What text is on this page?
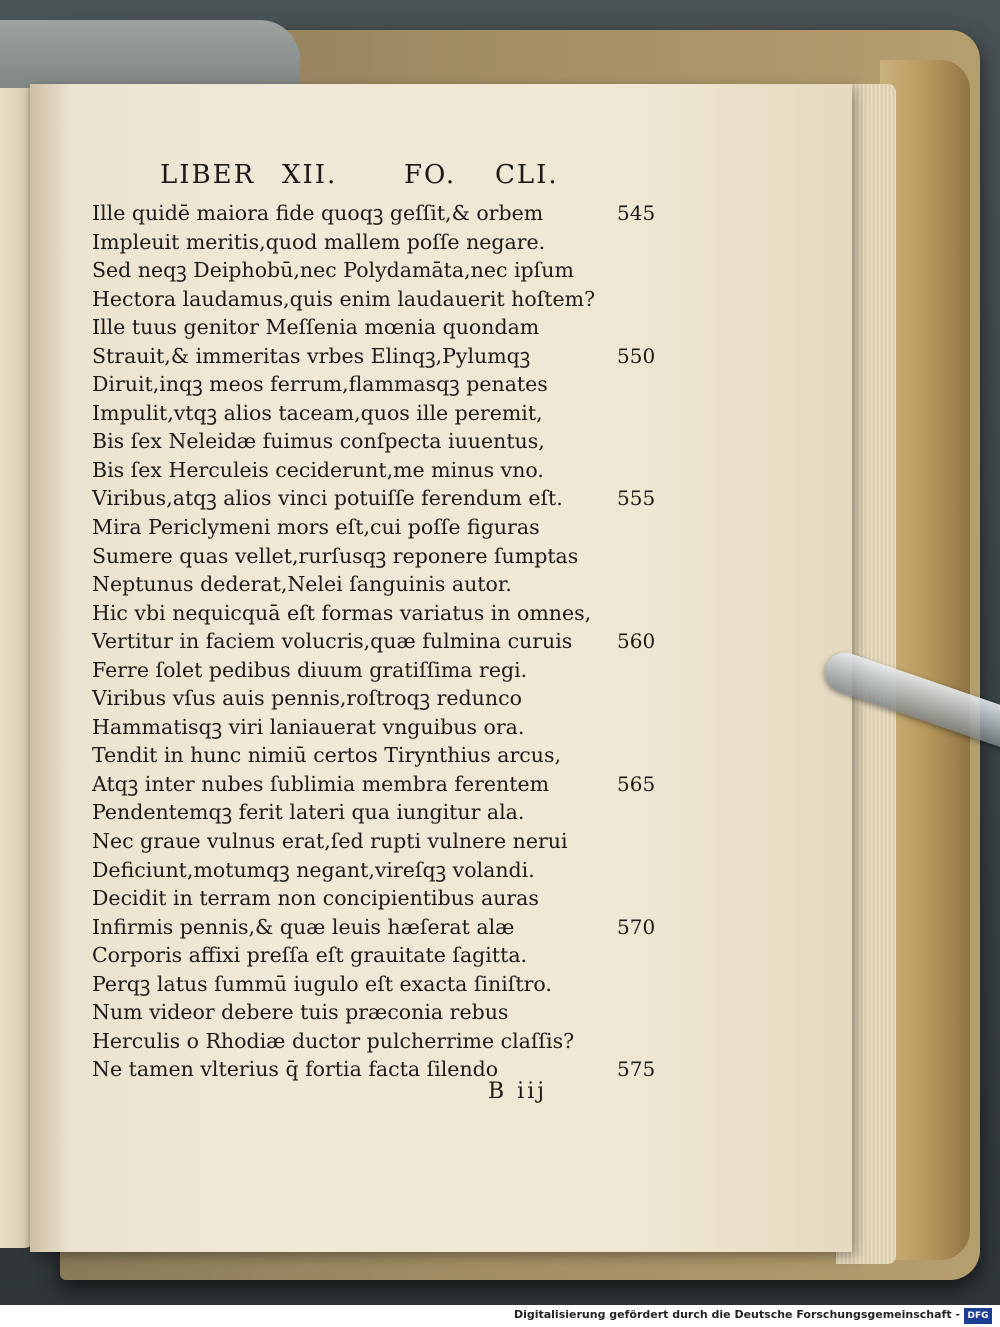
LIBER XII.	FO. CLI.
Ille quidē maiora fide quoqꝫ geſſit,& orbem	545
Impleuit meritis,quod mallem poſſe negare.
Sed neqꝫ Deiphobū,nec Polydamāta,nec ipſum
Hectora laudamus,quis enim laudauerit hoſtem?
Ille tuus genitor Meſſenia mœnia quondam
Strauit,& immeritas vrbes Elinqꝫ,Pylumqꝫ	550
Diruit,inqꝫ meos ferrum,flammasqꝫ penates
Impulit,vtqꝫ alios taceam,quos ille peremit,
Bis ſex Neleidæ fuimus conſpecta iuuentus,
Bis ſex Herculeis ceciderunt,me minus vno.
Viribus,atqꝫ alios vinci potuiſſe ferendum eſt.	555
Mira Periclymeni mors eſt,cui poſſe figuras
Sumere quas vellet,rurſusqꝫ reponere ſumptas
Neptunus dederat,Nelei ſanguinis autor.
Hic vbi nequicquā eſt formas variatus in omnes,
Vertitur in faciem volucris,quæ fulmina curuis 560
Ferre ſolet pedibus diuum gratiſſima regi.
Viribus vſus auis pennis,roſtroqꝫ redunco
Hammatisqꝫ viri laniauerat vnguibus ora.
Tendit in hunc nimiū certos Tirynthius arcus,
Atqꝫ inter nubes ſublimia membra ferentem	565
Pendentemqꝫ ferit lateri qua iungitur ala.
Nec graue vulnus erat,ſed rupti vulnere nerui
Deficiunt,motumqꝫ negant,vireſqꝫ volandi.
Decidit in terram non concipientibus auras
Infirmis pennis,& quæ leuis hæſerat alæ	570
Corporis affixi preſſa eſt grauitate ſagitta.
Perqꝫ latus ſummū iugulo eſt exacta ſiniſtro.
Num videor debere tuis præconia rebus
Herculis o Rhodiæ ductor pulcherrime claſſis?
Ne tamen vlterius q̄ fortia facta ſilendo	575
B iij
Digitalisierung gefördert durch die Deutsche Forschungsgemeinschaft - DFG
